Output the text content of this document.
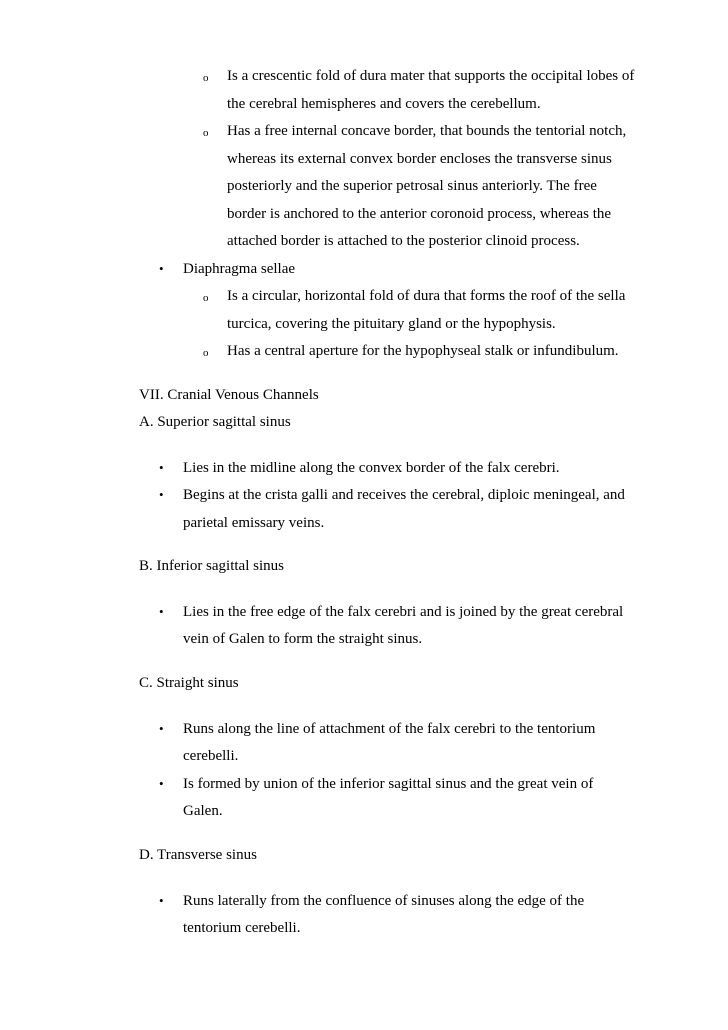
o Is a crescentic fold of dura mater that supports the occipital lobes of
the cerebral hemispheres and covers the cerebellum.
o Has a free internal concave border, that bounds the tentorial notch,
whereas its external convex border encloses the transverse sinus
posteriorly and the superior petrosal sinus anteriorly. The free
border is anchored to the anterior coronoid process, whereas the
attached border is attached to the posterior clinoid process.
• Diaphragma sellae
o Is a circular, horizontal fold of dura that forms the roof of the sella
turcica, covering the pituitary gland or the hypophysis.
o Has a central aperture for the hypophyseal stalk or infundibulum.
VII. Cranial Venous Channels
A. Superior sagittal sinus
• Lies in the midline along the convex border of the falx cerebri.
• Begins at the crista galli and receives the cerebral, diploic meningeal, and
parietal emissary veins.
B. Inferior sagittal sinus
• Lies in the free edge of the falx cerebri and is joined by the great cerebral
vein of Galen to form the straight sinus.
C. Straight sinus
• Runs along the line of attachment of the falx cerebri to the tentorium
cerebelli.
• Is formed by union of the inferior sagittal sinus and the great vein of
Galen.
D. Transverse sinus
• Runs laterally from the confluence of sinuses along the edge of the
tentorium cerebelli.
